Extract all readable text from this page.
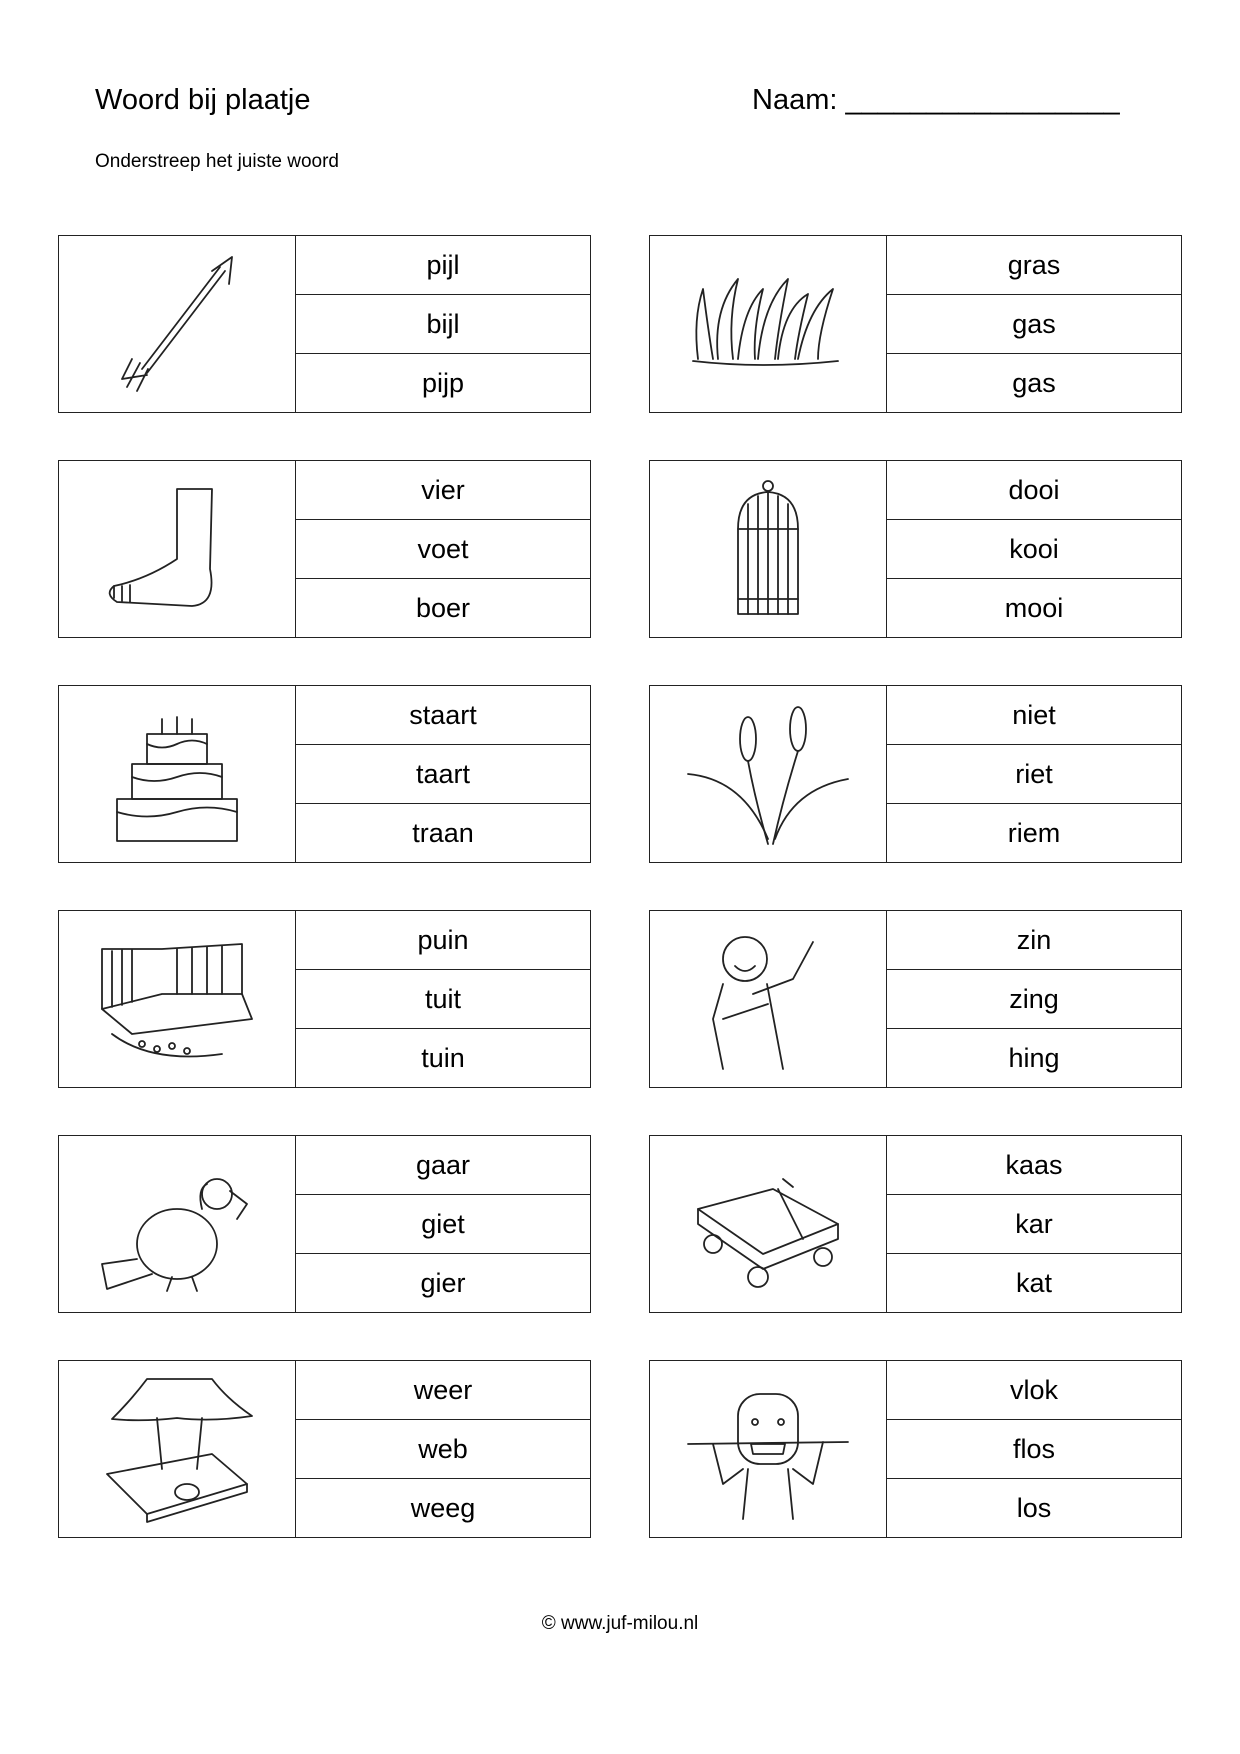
Woord bij plaatje	Naam: _________________
Onderstreep het juiste woord
pijl
bijl
pijp
gras
gas
gas
vier
voet
boer
dooi
kooi
mooi
staart
taart
traan
niet
riet
riem
puin
tuit
tuin
zin
zing
hing
gaar
giet
gier
kaas
kar
kat
weer
web
weeg
vlok
flos
los
© www.juf-milou.nl
